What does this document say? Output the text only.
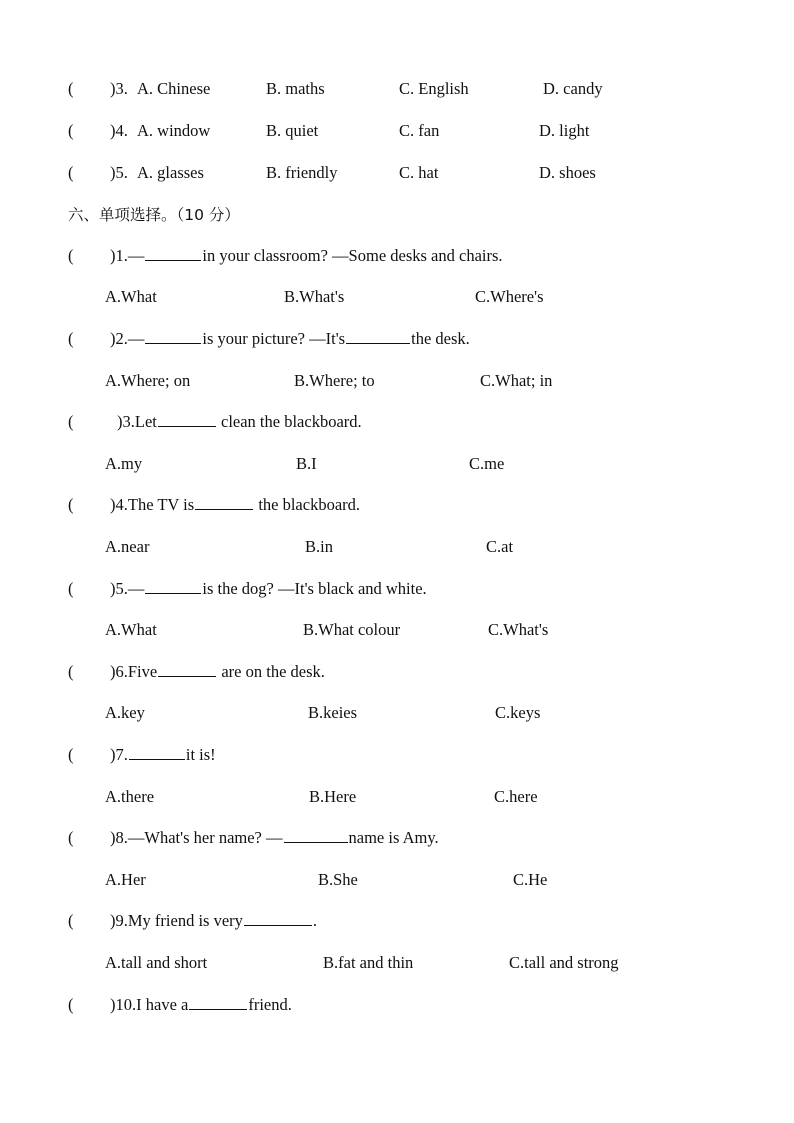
( )3. A. Chinese	B. maths	C. English	D. candy
( )4. A. window	B. quiet	C. fan	D. light
( )5. A. glasses	B. friendly	C. hat	D. shoes
六、单项选择。（10 分）
( )1.—	in your classroom? —Some desks and chairs.
A.What	B.What's	C.Where's
( )2.—	is your picture? —It's	the desk.
A.Where; on	B.Where; to	C.What; in
(	)3.Let	clean the blackboard.
A.my	B.I	C.me
( )4.The TV is	the blackboard.
A.near	B.in	C.at
( )5.—	is the dog? —It's black and white.
A.What	B.What colour	C.What's
( )6.Five	are on the desk.
A.key	B.keies	C.keys
( )7.	it is!
A.there	B.Here	C.here
( )8.—What's her name? —	name is Amy.
A.Her	B.She	C.He
( )9.My friend is very	.
A.tall and short	B.fat and thin	C.tall and strong
( )10.I have a	friend.
